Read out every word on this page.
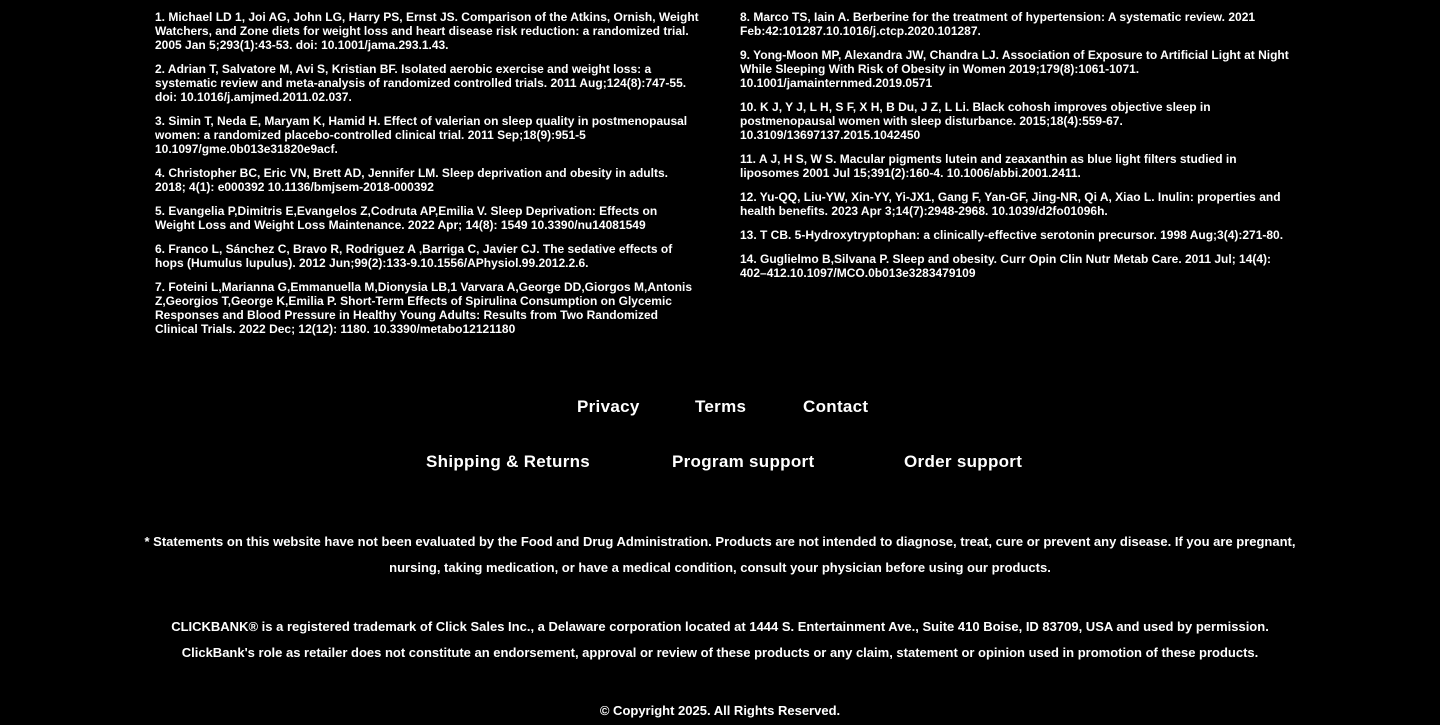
1. Michael LD 1, Joi AG, John LG, Harry PS, Ernst JS. Comparison of the Atkins, Ornish, Weight Watchers, and Zone diets for weight loss and heart disease risk reduction: a randomized trial. 2005 Jan 5;293(1):43-53. doi: 10.1001/jama.293.1.43.
2. Adrian T, Salvatore M, Avi S, Kristian BF. Isolated aerobic exercise and weight loss: a systematic review and meta-analysis of randomized controlled trials. 2011 Aug;124(8):747-55. doi: 10.1016/j.amjmed.2011.02.037.
3. Simin T, Neda E, Maryam K, Hamid H. Effect of valerian on sleep quality in postmenopausal women: a randomized placebo-controlled clinical trial. 2011 Sep;18(9):951-5 10.1097/gme.0b013e31820e9acf.
4. Christopher BC, Eric VN, Brett AD, Jennifer LM. Sleep deprivation and obesity in adults. 2018; 4(1): e000392 10.1136/bmjsem-2018-000392
5. Evangelia P,Dimitris E,Evangelos Z,Codruta AP,Emilia V. Sleep Deprivation: Effects on Weight Loss and Weight Loss Maintenance. 2022 Apr; 14(8): 1549 10.3390/nu14081549
6. Franco L, Sánchez C, Bravo R, Rodriguez A ,Barriga C, Javier CJ. The sedative effects of hops (Humulus lupulus). 2012 Jun;99(2):133-9.10.1556/APhysiol.99.2012.2.6.
7. Foteini L,Marianna G,Emmanuella M,Dionysia LB,1 Varvara A,George DD,Giorgos M,Antonis Z,Georgios T,George K,Emilia P. Short-Term Effects of Spirulina Consumption on Glycemic Responses and Blood Pressure in Healthy Young Adults: Results from Two Randomized Clinical Trials. 2022 Dec; 12(12): 1180. 10.3390/metabo12121180
8. Marco TS, Iain A. Berberine for the treatment of hypertension: A systematic review. 2021 Feb:42:101287.10.1016/j.ctcp.2020.101287.
9. Yong-Moon MP, Alexandra JW, Chandra LJ. Association of Exposure to Artificial Light at Night While Sleeping With Risk of Obesity in Women 2019;179(8):1061-1071. 10.1001/jamainternmed.2019.0571
10. K J, Y J, L H, S F, X H, B Du, J Z, L Li. Black cohosh improves objective sleep in postmenopausal women with sleep disturbance. 2015;18(4):559-67. 10.3109/13697137.2015.1042450
11. A J, H S, W S. Macular pigments lutein and zeaxanthin as blue light filters studied in liposomes 2001 Jul 15;391(2):160-4. 10.1006/abbi.2001.2411.
12. Yu-QQ, Liu-YW, Xin-YY, Yi-JX1, Gang F, Yan-GF, Jing-NR, Qi A, Xiao L. Inulin: properties and health benefits. 2023 Apr 3;14(7):2948-2968. 10.1039/d2fo01096h.
13. T CB. 5-Hydroxytryptophan: a clinically-effective serotonin precursor. 1998 Aug;3(4):271-80.
14. Guglielmo B,Silvana P. Sleep and obesity. Curr Opin Clin Nutr Metab Care. 2011 Jul; 14(4): 402–412.10.1097/MCO.0b013e3283479109
Privacy	Terms	Contact
Shipping & Returns	Program support	Order support
* Statements on this website have not been evaluated by the Food and Drug Administration. Products are not intended to diagnose, treat, cure or prevent any disease. If you are pregnant, nursing, taking medication, or have a medical condition, consult your physician before using our products.
CLICKBANK® is a registered trademark of Click Sales Inc., a Delaware corporation located at 1444 S. Entertainment Ave., Suite 410 Boise, ID 83709, USA and used by permission. ClickBank's role as retailer does not constitute an endorsement, approval or review of these products or any claim, statement or opinion used in promotion of these products.
© Copyright 2025. All Rights Reserved.
